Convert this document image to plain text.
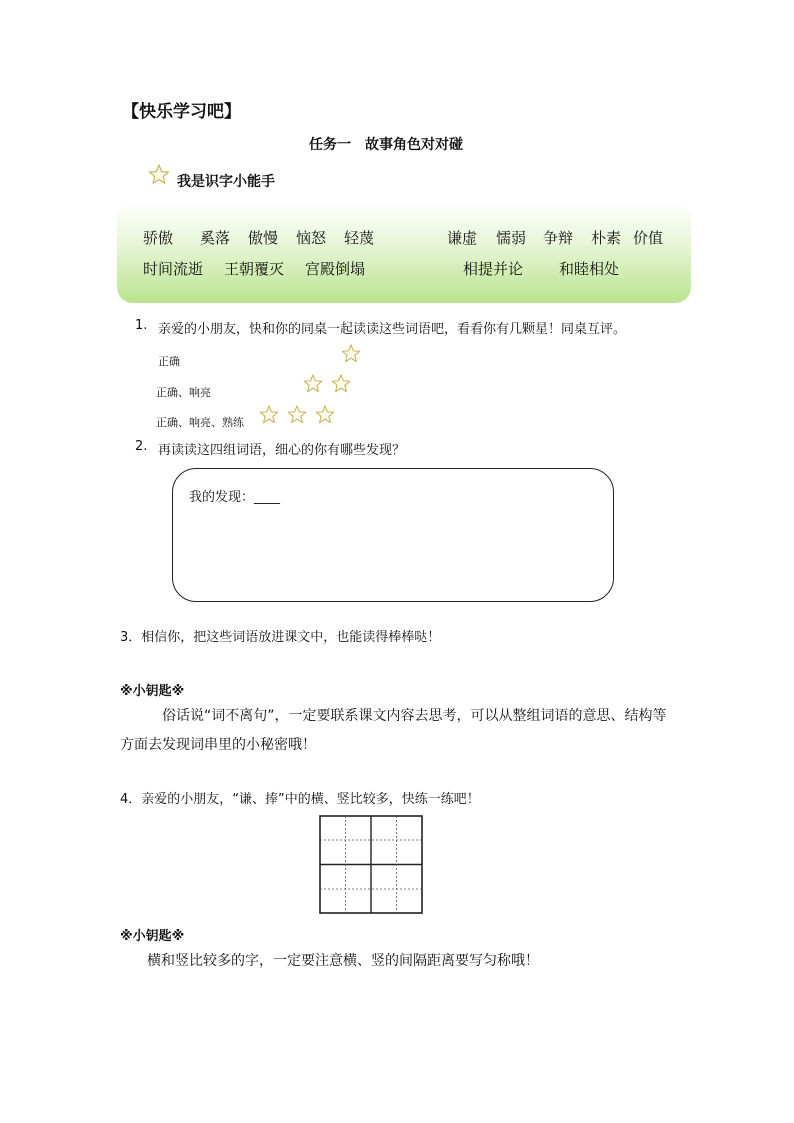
【快乐学习吧】
任务一　故事角色对对碰
我是识字小能手
骄傲 奚落 傲慢 恼怒 轻蔑	谦虚 懦弱 争辩 朴素 价值
时间流逝 王朝覆灭 宫殿倒塌	相提并论 和睦相处
1. 亲爱的小朋友，快和你的同桌一起读读这些词语吧，看看你有几颗星！同桌互评。
正确
正确、响亮
正确、响亮、熟练
2. 再读读这四组词语，细心的你有哪些发现？
我的发现：____
3．相信你，把这些词语放进课文中，也能读得棒棒哒！
※小钥匙※
俗话说“词不离句”，一定要联系课文内容去思考，可以从整组词语的意思、结构等
方面去发现词串里的小秘密哦！
4．亲爱的小朋友，“谦、捧”中的横、竖比较多，快练一练吧！
※小钥匙※
横和竖比较多的字，一定要注意横、竖的间隔距离要写匀称哦！
